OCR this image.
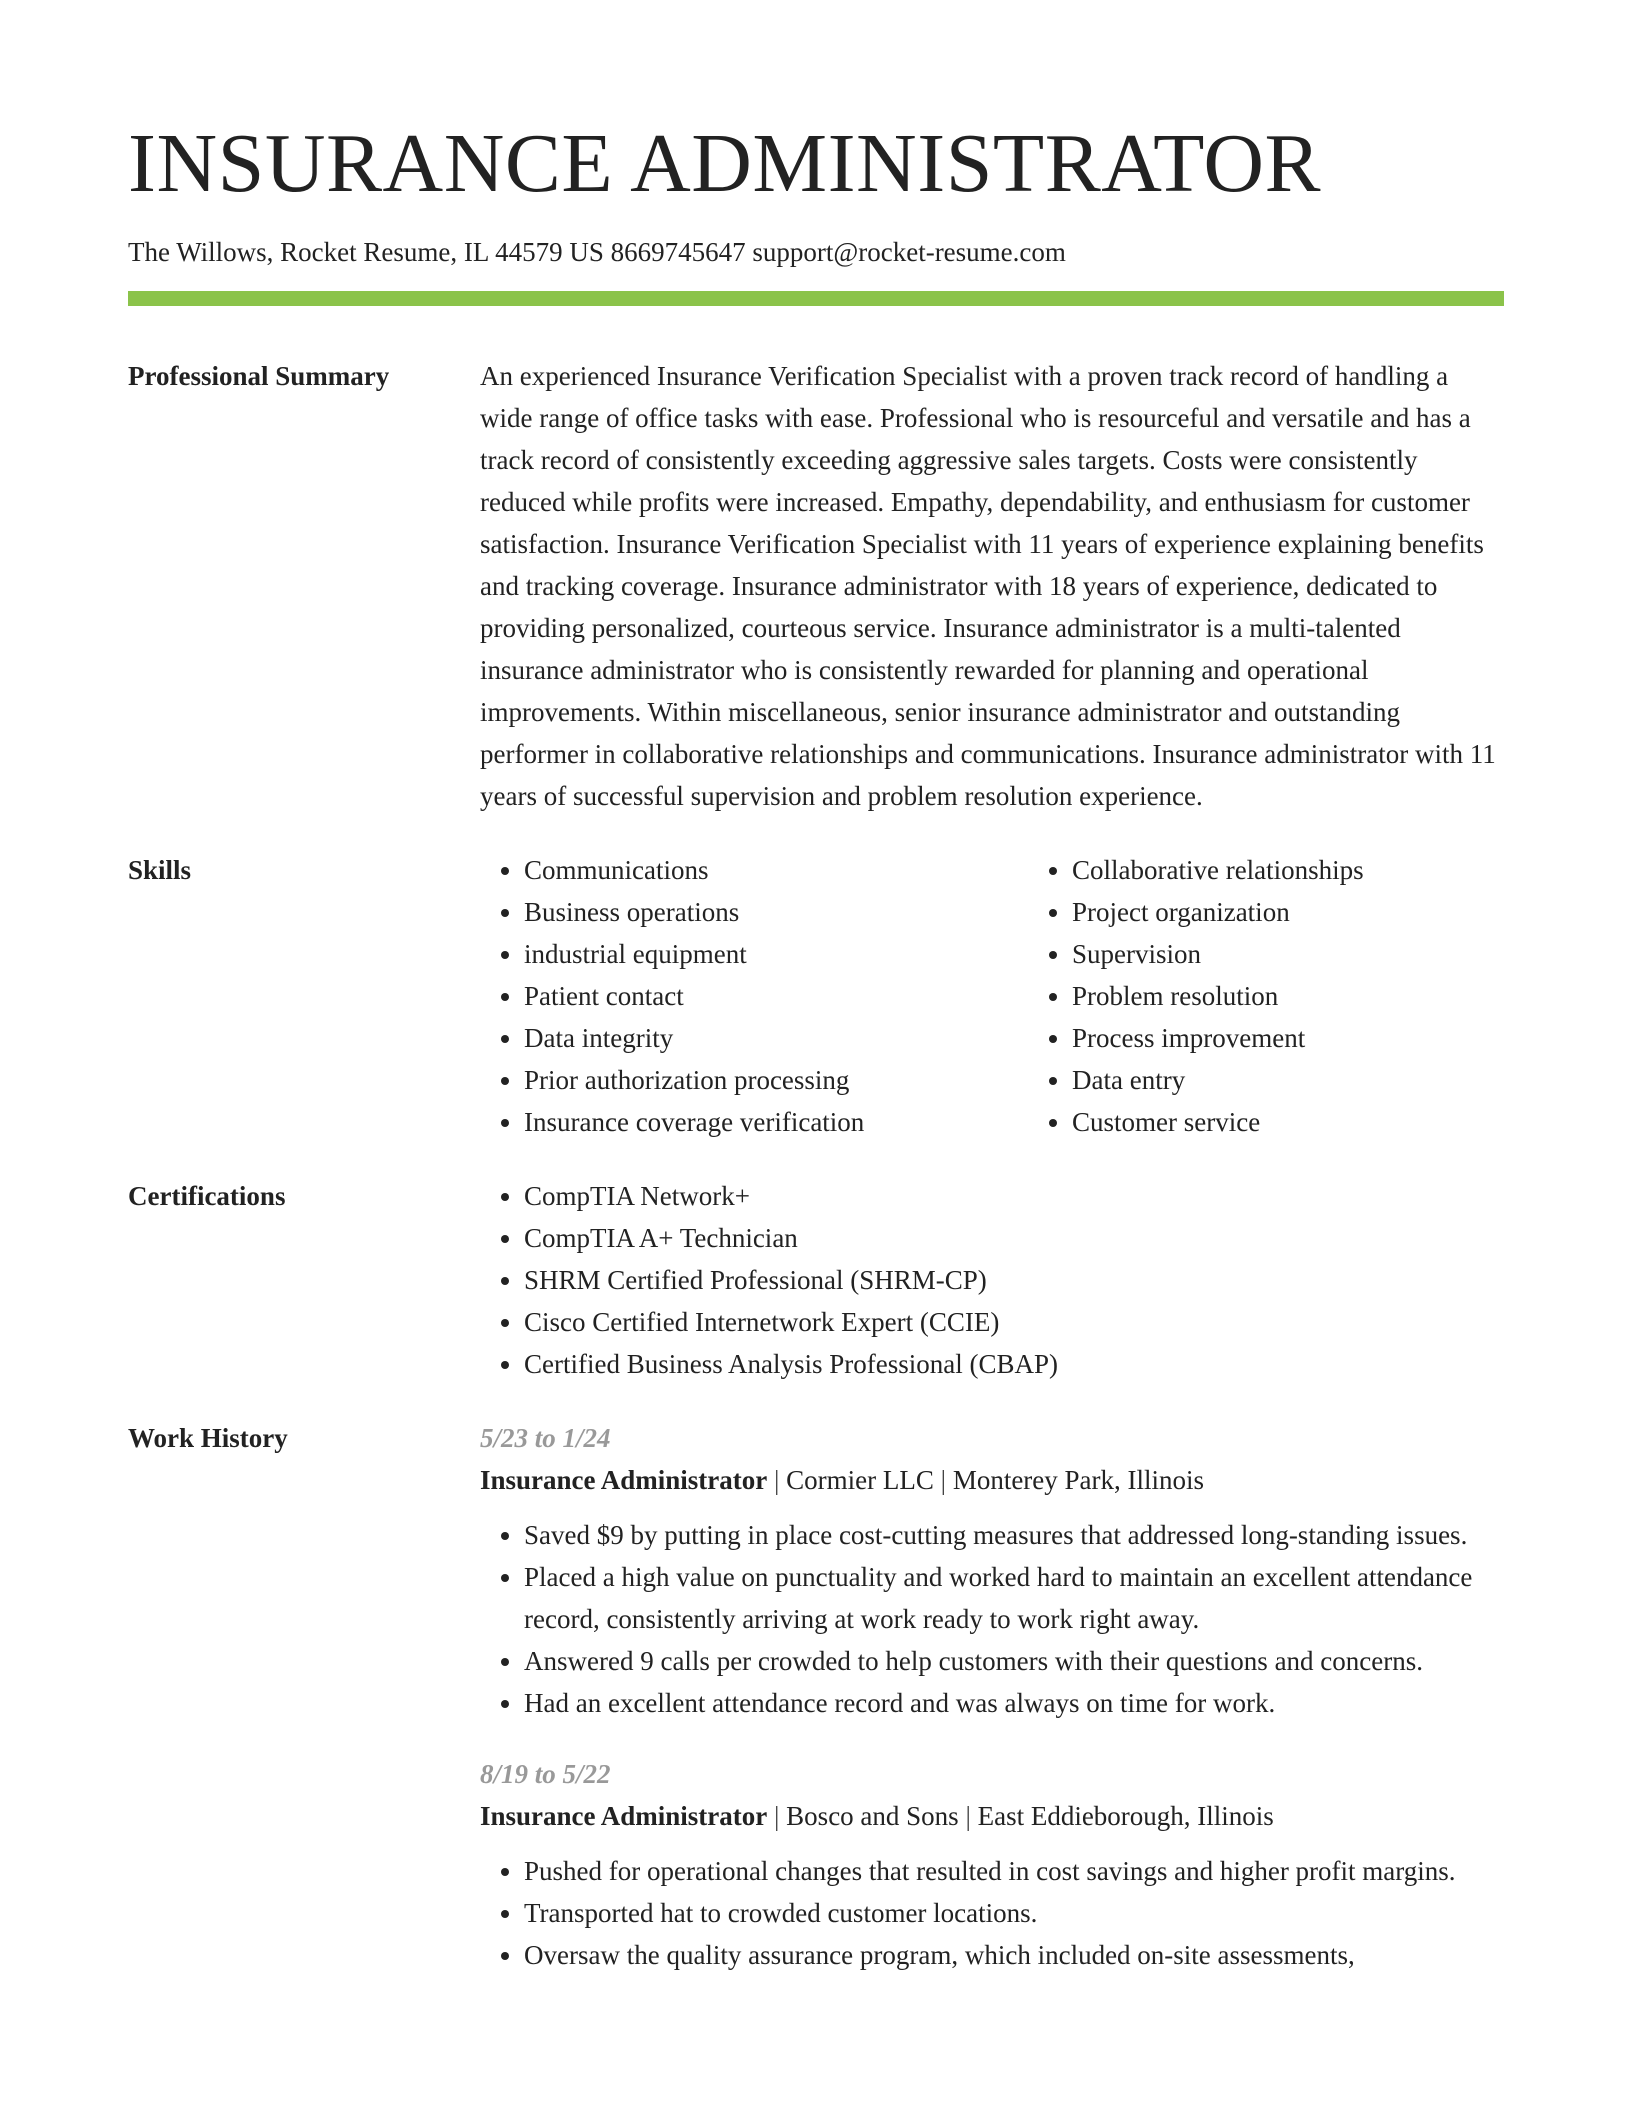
INSURANCE ADMINISTRATOR
The Willows, Rocket Resume, IL 44579 US 8669745647 support@rocket-resume.com
Professional Summary	An experienced Insurance Verification Specialist with a proven track record of handling a wide range of office tasks with ease. Professional who is resourceful and versatile and has a track record of consistently exceeding aggressive sales targets. Costs were consistently reduced while profits were increased. Empathy, dependability, and enthusiasm for customer satisfaction. Insurance Verification Specialist with 11 years of experience explaining benefits and tracking coverage. Insurance administrator with 18 years of experience, dedicated to providing personalized, courteous service. Insurance administrator is a multi-talented insurance administrator who is consistently rewarded for planning and operational improvements. Within miscellaneous, senior insurance administrator and outstanding performer in collaborative relationships and communications. Insurance administrator with 11 years of successful supervision and problem resolution experience.

Skills	• Communications
• Business operations
• industrial equipment
• Patient contact
• Data integrity
• Prior authorization processing
• Insurance coverage verification
• Collaborative relationships
• Project organization
• Supervision
• Problem resolution
• Process improvement
• Data entry
• Customer service
Certifications	• CompTIA Network+
• CompTIA A+ Technician
• SHRM Certified Professional (SHRM-CP)
• Cisco Certified Internetwork Expert (CCIE)
• Certified Business Analysis Professional (CBAP)
Work History	5/23 to 1/24
Insurance Administrator | Cormier LLC | Monterey Park, Illinois
• Saved $9 by putting in place cost-cutting measures that addressed long-standing issues.
• Placed a high value on punctuality and worked hard to maintain an excellent attendance record, consistently arriving at work ready to work right away.
• Answered 9 calls per crowded to help customers with their questions and concerns.
• Had an excellent attendance record and was always on time for work.
8/19 to 5/22
Insurance Administrator | Bosco and Sons | East Eddieborough, Illinois
• Pushed for operational changes that resulted in cost savings and higher profit margins.
• Transported hat to crowded customer locations.
• Oversaw the quality assurance program, which included on-site assessments,
